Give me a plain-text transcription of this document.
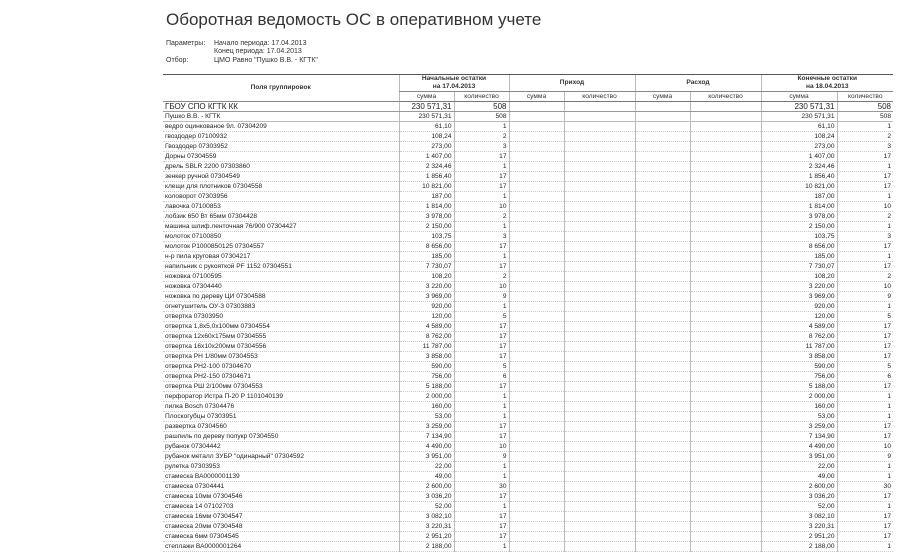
Оборотная ведомость ОС в оперативном учете
Параметры: Начало периода: 17.04.2013
Конец периода: 17.04.2013
Отбор:	ЦМО Равно "Пушко В.В. - КГТК"
Поля группировок	Начальные остатки
на 17.04.2013		Приход		Расход		Конечные остатки
на 18.04.2013	
	сумма	количество	сумма	количество	сумма	количество	сумма	количество
ГБОУ СПО КГТК КК	230 571,31	508					230 571,31	508
Пушко В.В. - КГТК	230 571,31	508					230 571,31	508
ведро оцинкованое 9л. 07304209	61,10	1					61,10	1
гвоздодер 07100932	108,24	2					108,24	2
Гвоздодер 07303952	273,00	3					273,00	3
Дорны 07304559	1 407,00	17					1 407,00	17
дрель SBLR 2200 07303860	2 324,46	1					2 324,46	1
зенкер ручной 07304549	1 856,40	17					1 856,40	17
клещи для плотников 07304558	10 821,00	17					10 821,00	17
коловорот 07303956	187,00	1					187,00	1
лавочка 07100853	1 814,00	10					1 814,00	10
лобзик 650 Вт 65мм 07304428	3 978,00	2					3 978,00	2
машина шлиф.ленточная 76/900 07304427	2 150,00	1					2 150,00	1
молоток 07100850	103,75	3					103,75	3
молоток Р1000850125 07304557	8 656,00	17					8 656,00	17
н-р пила круговая 07304217	185,00	1					185,00	1
напильник с рукояткой РF 1152 07304551	7 730,07	17					7 730,07	17
ножовка 07100595	108,20	2					108,20	2
ножовка 07304440	3 220,00	10					3 220,00	10
ножовка по дереву ЦИ 07304588	3 969,00	9					3 969,00	9
огнетушитель ОУ-3 07303883	920,00	1					920,00	1
отвертка 07303950	120,00	5					120,00	5
отвертка 1,8х5,0х100мм 07304554	4 589,00	17					4 589,00	17
отвертка 12х60х175мм 07304555	8 762,00	17					8 762,00	17
отвертка 16х10х200мм 07304556	11 787,00	17					11 787,00	17
отвертка РН 1/80мм 07304553	3 858,00	17					3 858,00	17
отвертка РН2-100 07304670	590,00	5					590,00	5
отвертка РН2-150 07304671	756,00	6					756,00	6
отвертка РШ 2/100мм 07304553	5 188,00	17					5 188,00	17
перфоратор Истра П-20 Р 1101040139	2 000,00	1					2 000,00	1
пилка Bosch 07304476	160,00	1					160,00	1
Плоскогубцы 07303951	53,00	1					53,00	1
развертка 07304560	3 259,00	17					3 259,00	17
рашпиль по дереву полукр 07304550	7 134,90	17					7 134,90	17
рубанок 07304442	4 490,00	10					4 490,00	10
рубанок металл ЗУБР "одинарный" 07304592	3 951,00	9					3 951,00	9
рулетка 07303953	22,00	1					22,00	1
стамеска ВА0000001139	49,00	1					49,00	1
стамеска 07304441	2 600,00	30					2 600,00	30
стамеска 10мм 07304546	3 036,20	17					3 036,20	17
стамеска 14 07102703	52,00	1					52,00	1
стамеска 16мм 07304547	3 082,10	17					3 082,10	17
стамеска 20мм 07304548	3 220,31	17					3 220,31	17
стамеска 6мм 07304545	2 951,20	17					2 951,20	17
степлажи ВА0000001264	2 188,00	1					2 188,00	1
